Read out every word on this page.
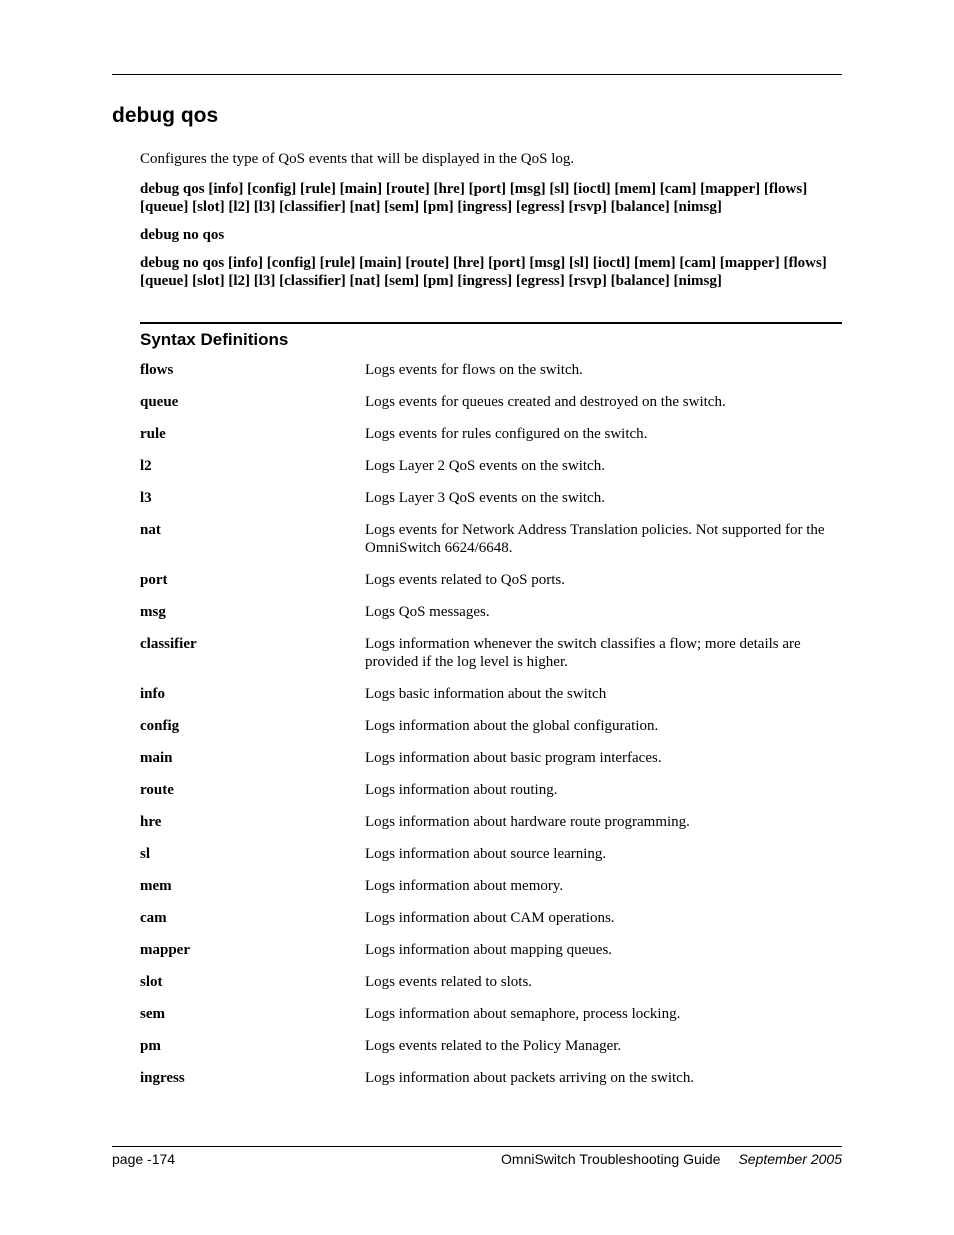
debug qos

Configures the type of QoS events that will be displayed in the QoS log.

debug qos [info] [config] [rule] [main] [route] [hre] [port] [msg] [sl] [ioctl] [mem] [cam] [mapper] [flows] [queue] [slot] [l2] [l3] [classifier] [nat] [sem] [pm] [ingress] [egress] [rsvp] [balance] [nimsg]

debug no qos

debug no qos [info] [config] [rule] [main] [route] [hre] [port] [msg] [sl] [ioctl] [mem] [cam] [mapper] [flows] [queue] [slot] [l2] [l3] [classifier] [nat] [sem] [pm] [ingress] [egress] [rsvp] [balance] [nimsg]

Syntax Definitions
flows	Logs events for flows on the switch.
queue	Logs events for queues created and destroyed on the switch.
rule	Logs events for rules configured on the switch.
l2	Logs Layer 2 QoS events on the switch.
l3	Logs Layer 3 QoS events on the switch.
nat	Logs events for Network Address Translation policies. Not supported for the OmniSwitch 6624/6648.
port	Logs events related to QoS ports.
msg	Logs QoS messages.
classifier	Logs information whenever the switch classifies a flow; more details are provided if the log level is higher.
info	Logs basic information about the switch
config	Logs information about the global configuration.
main	Logs information about basic program interfaces.
route	Logs information about routing.
hre	Logs information about hardware route programming.
sl	Logs information about source learning.
mem	Logs information about memory.
cam	Logs information about CAM operations.
mapper	Logs information about mapping queues.
slot	Logs events related to slots.
sem	Logs information about semaphore, process locking.
pm	Logs events related to the Policy Manager.
ingress	Logs information about packets arriving on the switch.
page -174	OmniSwitch Troubleshooting Guide September 2005
